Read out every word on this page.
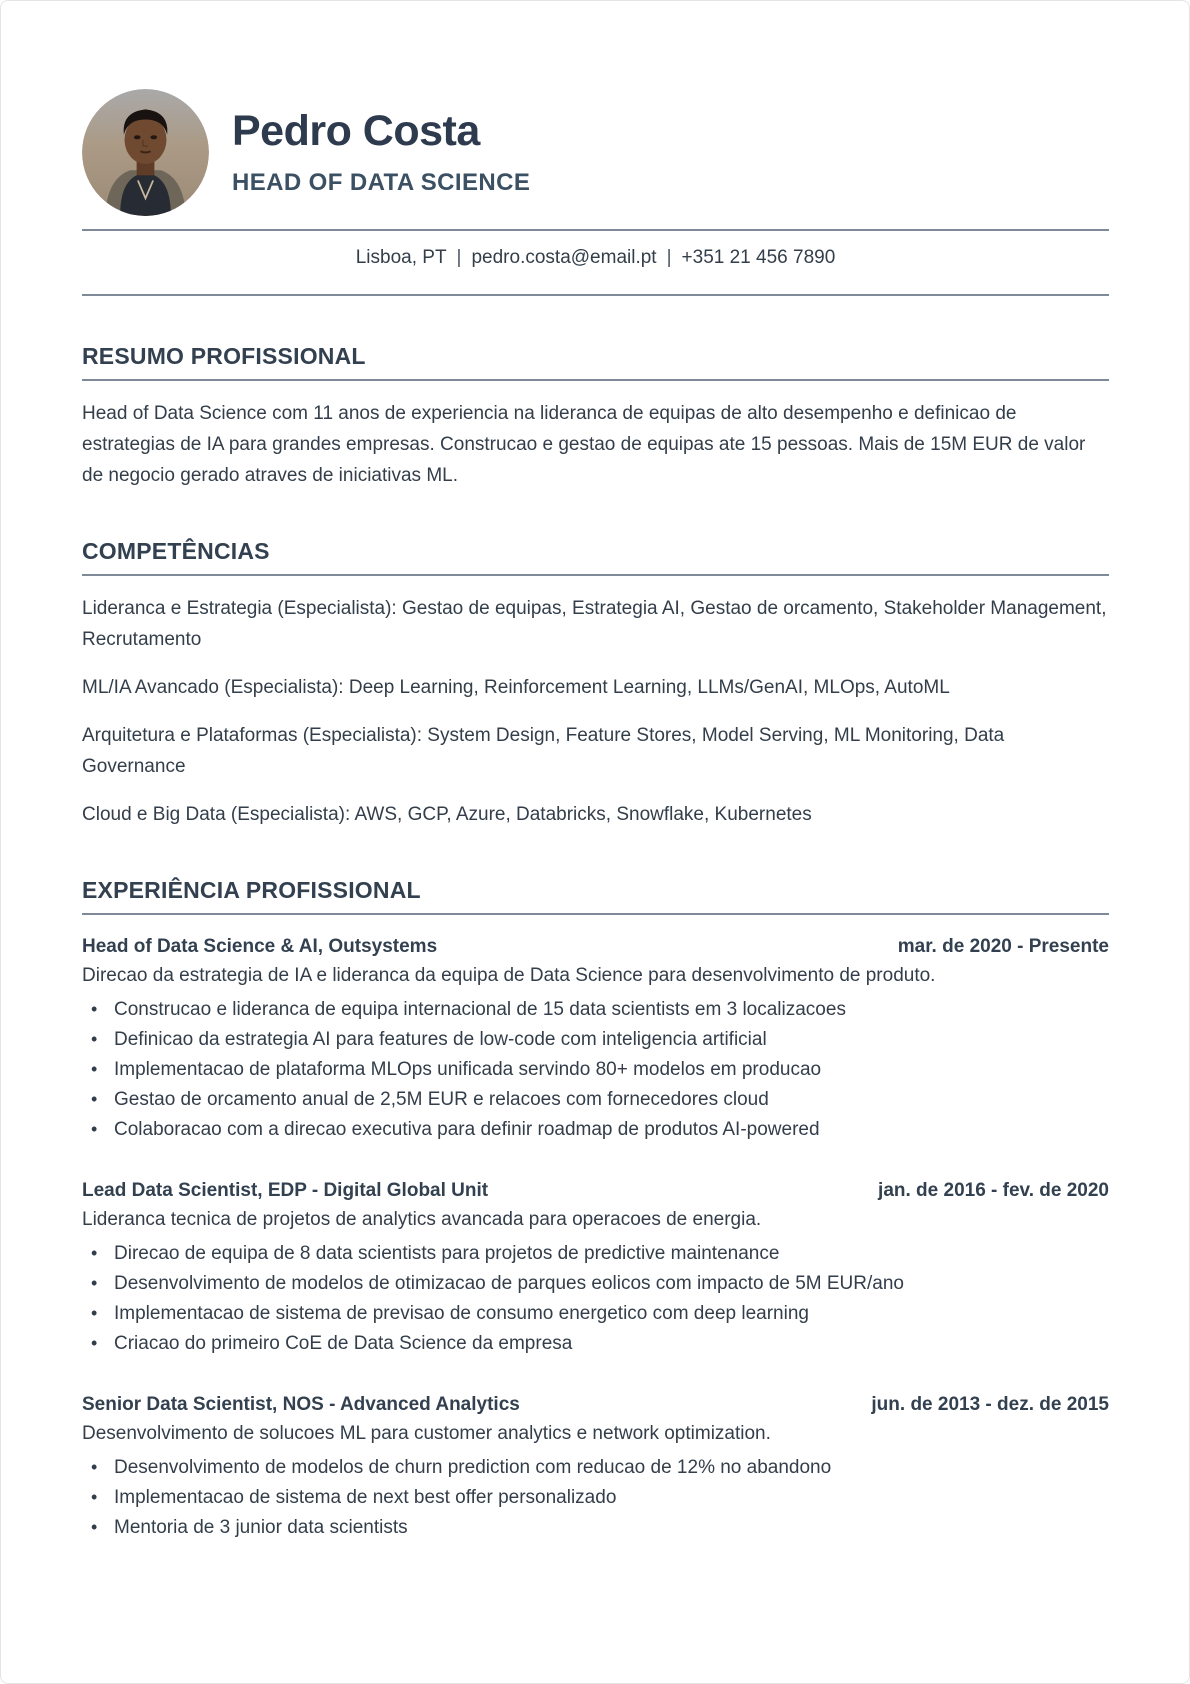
Pedro Costa
HEAD OF DATA SCIENCE
Lisboa, PT | pedro.costa@email.pt | +351 21 456 7890
RESUMO PROFISSIONAL

Head of Data Science com 11 anos de experiencia na lideranca de equipas de alto desempenho e definicao de estrategias de IA para grandes empresas. Construcao e gestao de equipas ate 15 pessoas. Mais de 15M EUR de valor de negocio gerado atraves de iniciativas ML.

COMPETÊNCIAS

Lideranca e Estrategia (Especialista): Gestao de equipas, Estrategia AI, Gestao de orcamento, Stakeholder Management, Recrutamento

ML/IA Avancado (Especialista): Deep Learning, Reinforcement Learning, LLMs/GenAI, MLOps, AutoML

Arquitetura e Plataformas (Especialista): System Design, Feature Stores, Model Serving, ML Monitoring, Data Governance

Cloud e Big Data (Especialista): AWS, GCP, Azure, Databricks, Snowflake, Kubernetes

EXPERIÊNCIA PROFISSIONAL
Head of Data Science & AI, Outsystems	mar. de 2020 - Presente
Direcao da estrategia de IA e lideranca da equipa de Data Science para desenvolvimento de produto.
• Construcao e lideranca de equipa internacional de 15 data scientists em 3 localizacoes
• Definicao da estrategia AI para features de low-code com inteligencia artificial
• Implementacao de plataforma MLOps unificada servindo 80+ modelos em producao
• Gestao de orcamento anual de 2,5M EUR e relacoes com fornecedores cloud
• Colaboracao com a direcao executiva para definir roadmap de produtos AI-powered
Lead Data Scientist, EDP - Digital Global Unit	jan. de 2016 - fev. de 2020
Lideranca tecnica de projetos de analytics avancada para operacoes de energia.
• Direcao de equipa de 8 data scientists para projetos de predictive maintenance
• Desenvolvimento de modelos de otimizacao de parques eolicos com impacto de 5M EUR/ano
• Implementacao de sistema de previsao de consumo energetico com deep learning
• Criacao do primeiro CoE de Data Science da empresa
Senior Data Scientist, NOS - Advanced Analytics	jun. de 2013 - dez. de 2015
Desenvolvimento de solucoes ML para customer analytics e network optimization.
• Desenvolvimento de modelos de churn prediction com reducao de 12% no abandono
• Implementacao de sistema de next best offer personalizado
• Mentoria de 3 junior data scientists
